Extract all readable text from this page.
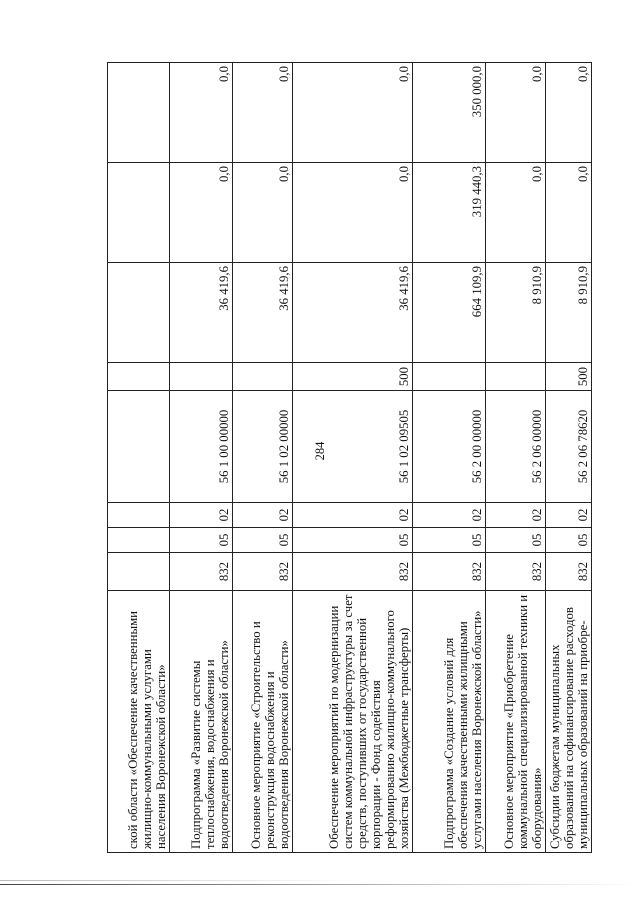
284
ской области «Обеспечение качественными жилищно-коммунальными услугами населения Воронежской области»								
Подпрограмма «Развитие системы теплоснабжения, водоснабжения и водоотведения Воронежской области»	832	05	02	56 1 00 00000		36 419,6	0,0	0,0
Основное мероприятие «Строительство и реконструкция водоснабжения и водоотведения Воронежской области»	832	05	02	56 1 02 00000		36 419,6	0,0	0,0
Обеспечение мероприятий по модернизации систем коммунальной инфраструктуры за счет средств, поступивших от государственной корпорации - Фонд содействия реформированию жилищно-коммунального хозяйства (Межбюджетные трансферты)	832	05	02	56 1 02 09505	500	36 419,6	0,0	0,0
Подпрограмма «Создание условий для обеспечения качественными жилищными услугами населения Воронежской области»	832	05	02	56 2 00 00000		664 109,9	319 440,3	350 000,0
Основное мероприятие «Приобретение коммунальной специализированной техники и оборудования»	832	05	02	56 2 06 00000		8 910,9	0,0	0,0
Субсидии бюджетам муниципальных образований на софинансирование расходов муниципальных образований на приобре-	832	05	02	56 2 06 78620	500	8 910,9	0,0	0,0
